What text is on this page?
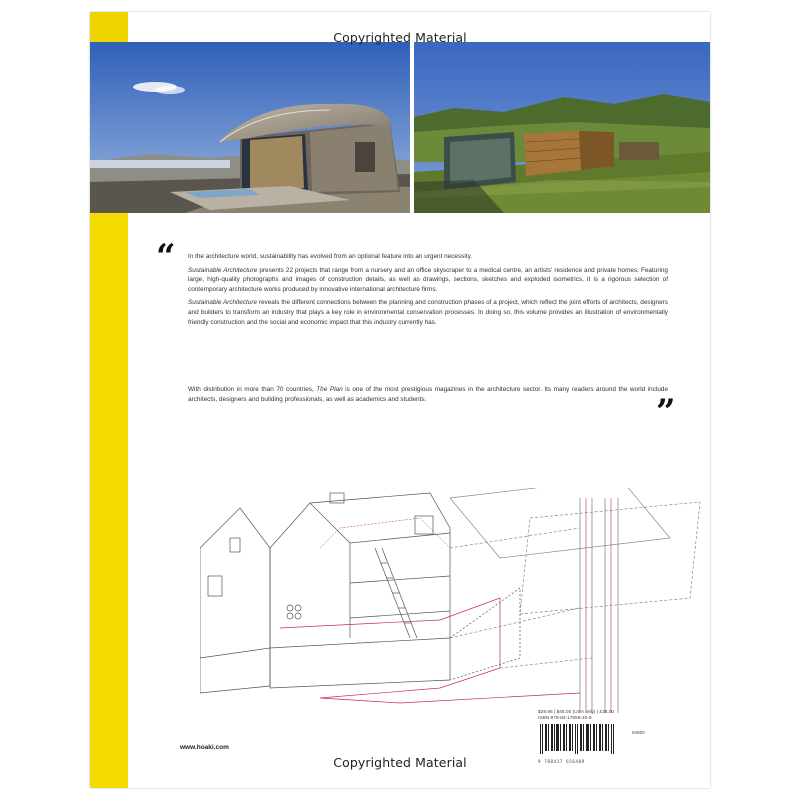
Copyrighted Material
“
”

In the architecture world, sustainability has evolved from an optional feature into an urgent necessity.

Sustainable Architecture presents 22 projects that range from a nursery and an office skyscraper to a medical centre, an artists' residence and private homes. Featuring large, high-quality photographs and images of construction details, as well as drawings, sections, sketches and exploded isometrics, it is a rigorous selection of contemporary architecture works produced by innovative international architecture firms.

Sustainable Architecture reveals the different connections between the planning and construction phases of a project, which reflect the joint efforts of architects, designers and builders to transform an industry that plays a key role in environmental conservation processes. In doing so, this volume provides an illustration of environmentally friendly construction and the social and economic impact that this industry currently has.

With distribution in more than 70 countries, The Plan is one of the most prestigious magazines in the architecture sector. Its many readers around the world include architects, designers and building professionals, as well as academics and students.

www.hoaki.com
$29.95 | $45.00 (USA only) | £35.00
ISBN 978-84-17656-40-9
9 788417 656409
54500
Copyrighted Material
